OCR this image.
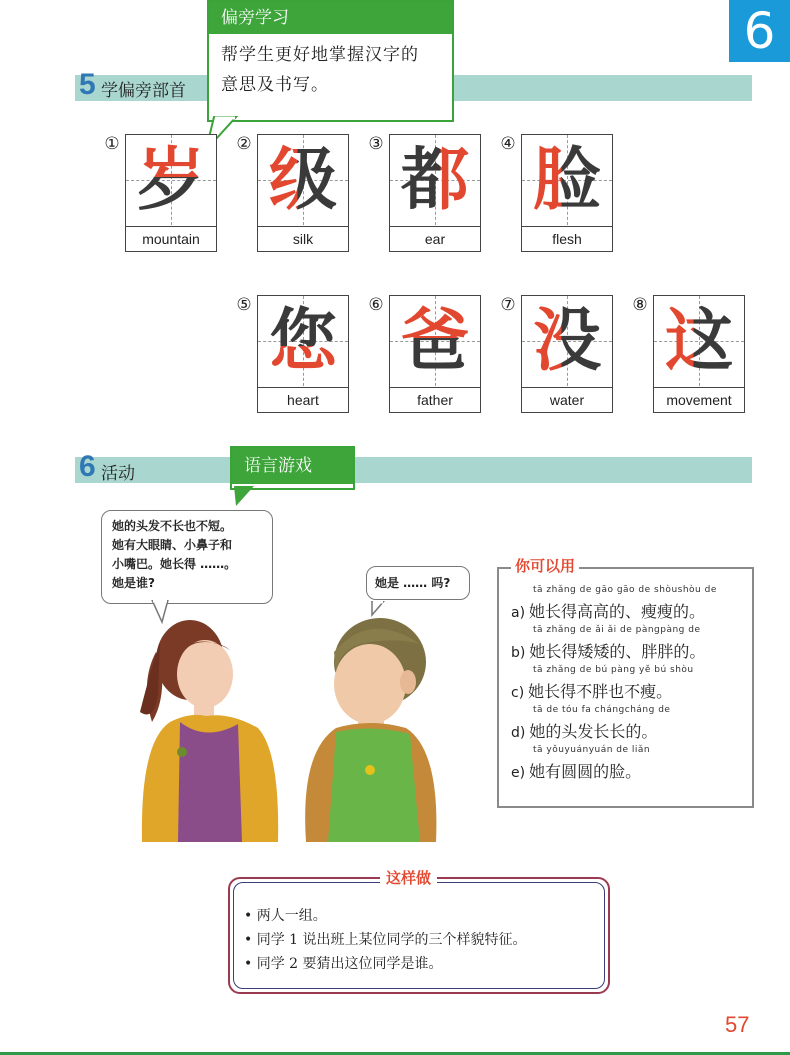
6
5 学偏旁部首
偏旁学习
帮学生更好地掌握汉字的
意思及书写。
① 岁
mountain
② 级
silk
③ 都
ear
④ 脸
flesh
⑤ 您
heart
⑥ 爸
father
⑦ 没
water
⑧ 这
movement
6 活动	语言游戏
她的头发不长也不短。
她有大眼睛、小鼻子和
小嘴巴。她长得 ……。
她是谁?	她是 …… 吗?
你可以用
tā zhǎng de gāo gāo de shòushòu de
a) 她长得高高的、瘦瘦的。
tā zhǎng de ǎi ǎi de pàngpàng de
b) 她长得矮矮的、胖胖的。
tā zhǎng de bú pàng yě bú shòu
c) 她长得不胖也不瘦。
tā de tóu fa chángcháng de
d) 她的头发长长的。
tā yǒuyuányuán de liǎn
e) 她有圆圆的脸。
这样做
• 两人一组。
• 同学 1 说出班上某位同学的三个样貌特征。
• 同学 2 要猜出这位同学是谁。
57
